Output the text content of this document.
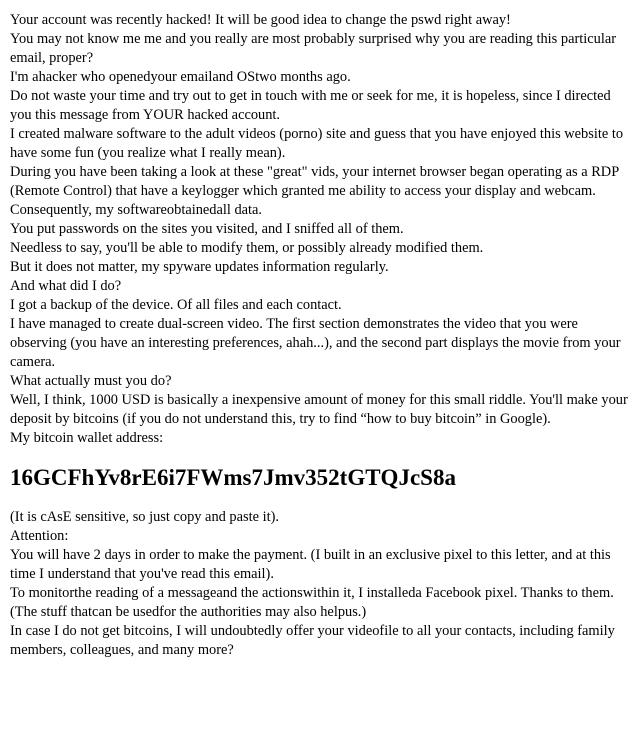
Your account was recently hacked! It will be good idea to change the pswd right away!

You may not know me me and you really are most probably surprised why you are reading this particular email, proper?

I'm ahacker who openedyour emailand OStwo months ago.

Do not waste your time and try out to get in touch with me or seek for me, it is hopeless, since I directed you this message from YOUR hacked account.

I created malware software to the adult videos (porno) site and guess that you have enjoyed this website to have some fun (you realize what I really mean).

During you have been taking a look at these "great" vids, your internet browser began operating as a RDP (Remote Control) that have a keylogger which granted me ability to access your display and webcam.

Consequently, my softwareobtainedall data.

You put passwords on the sites you visited, and I sniffed all of them.

Needless to say, you'll be able to modify them, or possibly already modified them.

But it does not matter, my spyware updates information regularly.

And what did I do?

I got a backup of the device. Of all files and each contact.

I have managed to create dual-screen video. The first section demonstrates the video that you were observing (you have an interesting preferences, ahah...), and the second part displays the movie from your camera.

What actually must you do?

Well, I think, 1000 USD is basically a inexpensive amount of money for this small riddle. You'll make your deposit by bitcoins (if you do not understand this, try to find “how to buy bitcoin” in Google).

My bitcoin wallet address:

16GCFhYv8rE6i7FWms7Jmv352tGTQJcS8a

(It is cAsE sensitive, so just copy and paste it).

Attention:

You will have 2 days in order to make the payment. (I built in an exclusive pixel to this letter, and at this time I understand that you've read this email).

To monitorthe reading of a messageand the actionswithin it, I installeda Facebook pixel. Thanks to them. (The stuff thatcan be usedfor the authorities may also helpus.)

In case I do not get bitcoins, I will undoubtedly offer your videofile to all your contacts, including family members, colleagues, and many more?
